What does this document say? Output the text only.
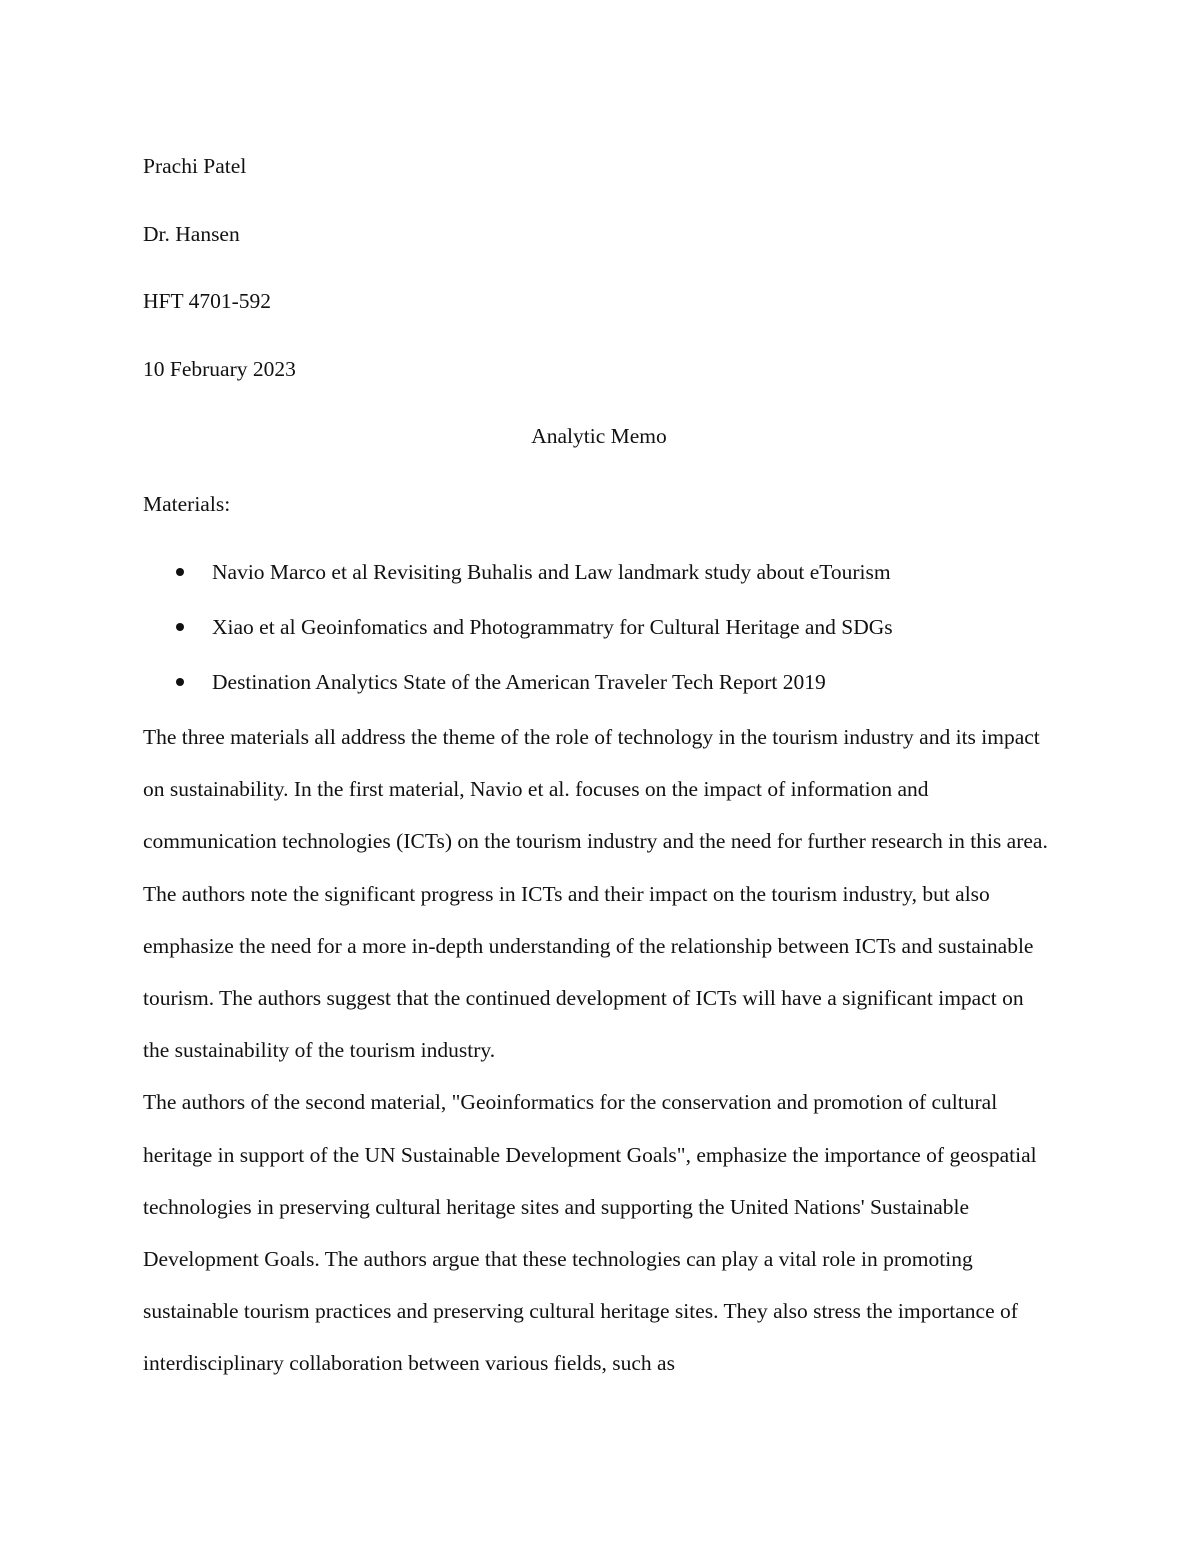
Prachi Patel
Dr. Hansen
HFT 4701-592
10 February 2023
Analytic Memo
Materials:
Navio Marco et al Revisiting Buhalis and Law landmark study about eTourism
Xiao et al Geoinfomatics and Photogrammatry for Cultural Heritage and SDGs
Destination Analytics State of the American Traveler Tech Report 2019
The three materials all address the theme of the role of technology in the tourism industry and its impact on sustainability. In the first material, Navio et al. focuses on the impact of information and communication technologies (ICTs) on the tourism industry and the need for further research in this area. The authors note the significant progress in ICTs and their impact on the tourism industry, but also emphasize the need for a more in-depth understanding of the relationship between ICTs and sustainable tourism. The authors suggest that the continued development of ICTs will have a significant impact on the sustainability of the tourism industry.
The authors of the second material, "Geoinformatics for the conservation and promotion of cultural heritage in support of the UN Sustainable Development Goals", emphasize the importance of geospatial technologies in preserving cultural heritage sites and supporting the United Nations' Sustainable Development Goals. The authors argue that these technologies can play a vital role in promoting sustainable tourism practices and preserving cultural heritage sites. They also stress the importance of interdisciplinary collaboration between various fields, such as
